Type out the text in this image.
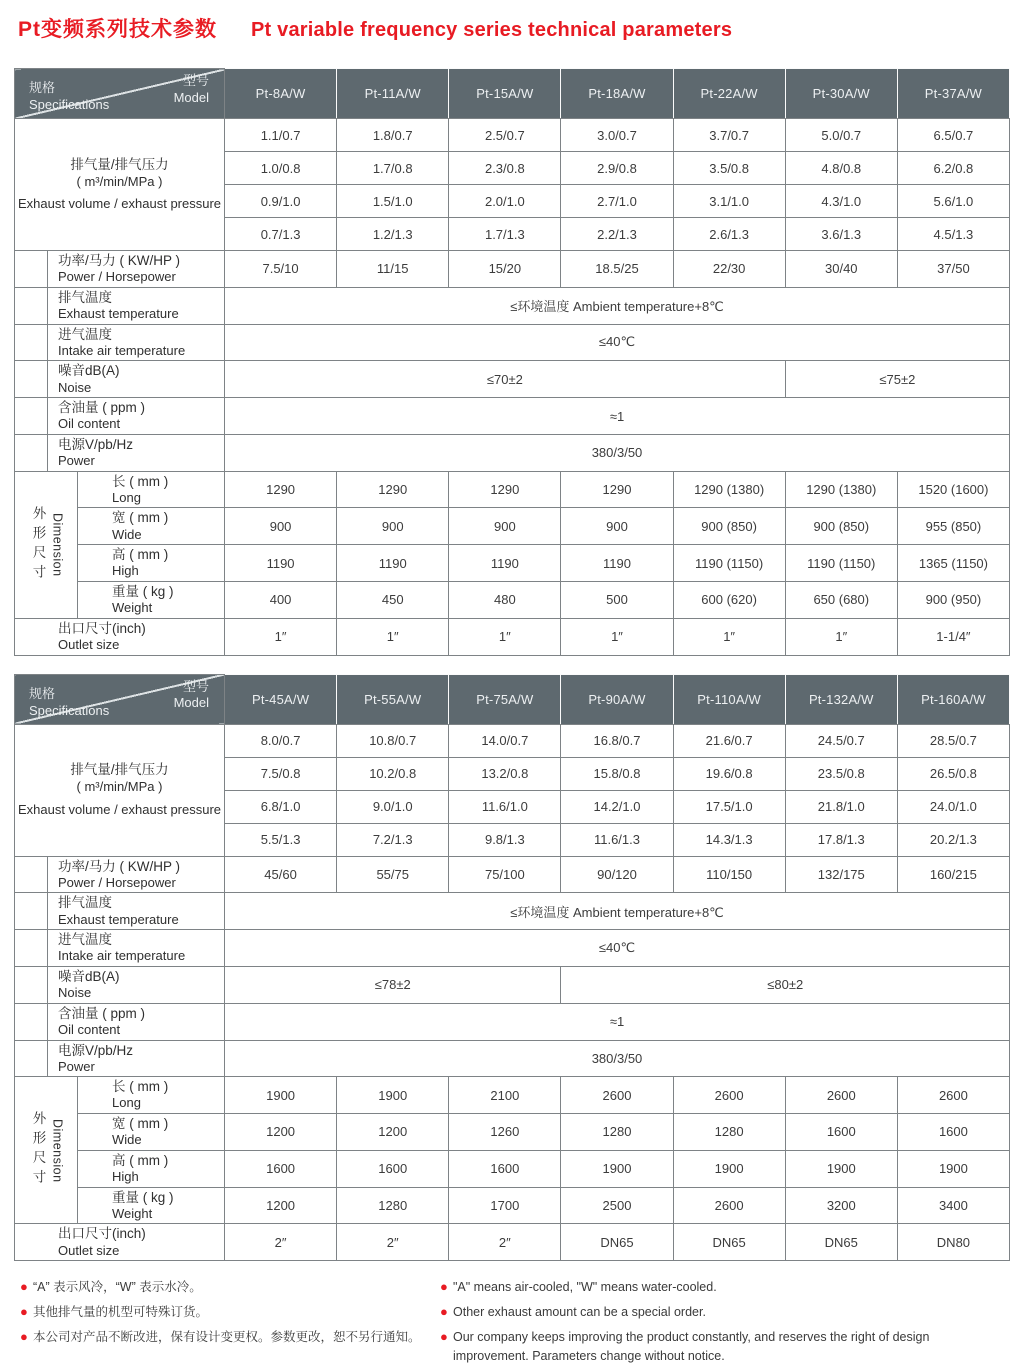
Pt变频系列技术参数 Pt variable frequency series technical parameters
型号
Model
规格
Specifications			Pt-8A/W	Pt-11A/W	Pt-15A/W	Pt-18A/W	Pt-22A/W	Pt-30A/W	Pt-37A/W

排气量/排气压力
( m³/min/MPa )
Exhaust volume / exhaust pressure			1.1/0.7	1.8/0.7	2.5/0.7	3.0/0.7	3.7/0.7	5.0/0.7	6.5/0.7
			1.0/0.8	1.7/0.8	2.3/0.8	2.9/0.8	3.5/0.8	4.8/0.8	6.2/0.8
			0.9/1.0	1.5/1.0	2.0/1.0	2.7/1.0	3.1/1.0	4.3/1.0	5.6/1.0
			0.7/1.3	1.2/1.3	1.7/1.3	2.2/1.3	2.6/1.3	3.6/1.3	4.5/1.3

	功率/马力 ( KW/HP )
Power / Horsepower		7.5/10	11/15	15/20	18.5/25	22/30	30/40	37/50

	排气温度
Exhaust temperature		≤环境温度 Ambient temperature+8℃						

	进气温度
Intake air temperature		≤40℃						

	噪音dB(A)
Noise		≤70±2					≤75±2	

	含油量 ( ppm )
Oil content		≈1						

	电源V/pb/Hz
Power		380/3/50						

外形尺寸 Dimension

长 ( mm )
Long
	1290	1290	1290	1290	1290 (1380)	1290 (1380)	1520 (1600)

		宽 ( mm )
Wide	900	900	900	900	900 (850)	900 (850)	955 (850)

		高 ( mm )
High	1190	1190	1190	1190	1190 (1150)	1190 (1150)	1365 (1150)

		重量 ( kg )
Weight	400	450	480	500	600 (620)	650 (680)	900 (950)

出口尺寸(inch)
Outlet size			1″	1″	1″	1″	1″	1″	1-1/4″
型号
Model
规格
Specifications			Pt-45A/W	Pt-55A/W	Pt-75A/W	Pt-90A/W	Pt-110A/W	Pt-132A/W	Pt-160A/W

排气量/排气压力
( m³/min/MPa )
Exhaust volume / exhaust pressure			8.0/0.7	10.8/0.7	14.0/0.7	16.8/0.7	21.6/0.7	24.5/0.7	28.5/0.7
			7.5/0.8	10.2/0.8	13.2/0.8	15.8/0.8	19.6/0.8	23.5/0.8	26.5/0.8
			6.8/1.0	9.0/1.0	11.6/1.0	14.2/1.0	17.5/1.0	21.8/1.0	24.0/1.0
			5.5/1.3	7.2/1.3	9.8/1.3	11.6/1.3	14.3/1.3	17.8/1.3	20.2/1.3

	功率/马力 ( KW/HP )
Power / Horsepower		45/60	55/75	75/100	90/120	110/150	132/175	160/215

	排气温度
Exhaust temperature		≤环境温度 Ambient temperature+8℃						

	进气温度
Intake air temperature		≤40℃						

	噪音dB(A)
Noise		≤78±2			≤80±2			

	含油量 ( ppm )
Oil content		≈1						

	电源V/pb/Hz
Power		380/3/50						

外形尺寸 Dimension

长 ( mm )
Long
	1900	1900	2100	2600	2600	2600	2600

		宽 ( mm )
Wide	1200	1200	1260	1280	1280	1600	1600

		高 ( mm )
High	1600	1600	1600	1900	1900	1900	1900

		重量 ( kg )
Weight	1200	1280	1700	2500	2600	3200	3400

出口尺寸(inch)
Outlet size			2″	2″	2″	DN65	DN65	DN65	DN80
● “A” 表示风冷，“W” 表示水冷。
● 其他排气量的机型可特殊订货。
● 本公司对产品不断改进，保有设计变更权。参数更改，恕不另行通知。
● "A" means air-cooled, "W" means water-cooled.
● Other exhaust amount can be a special order.
● Our company keeps improving the product constantly, and reserves the right of design improvement. Parameters change without notice.
